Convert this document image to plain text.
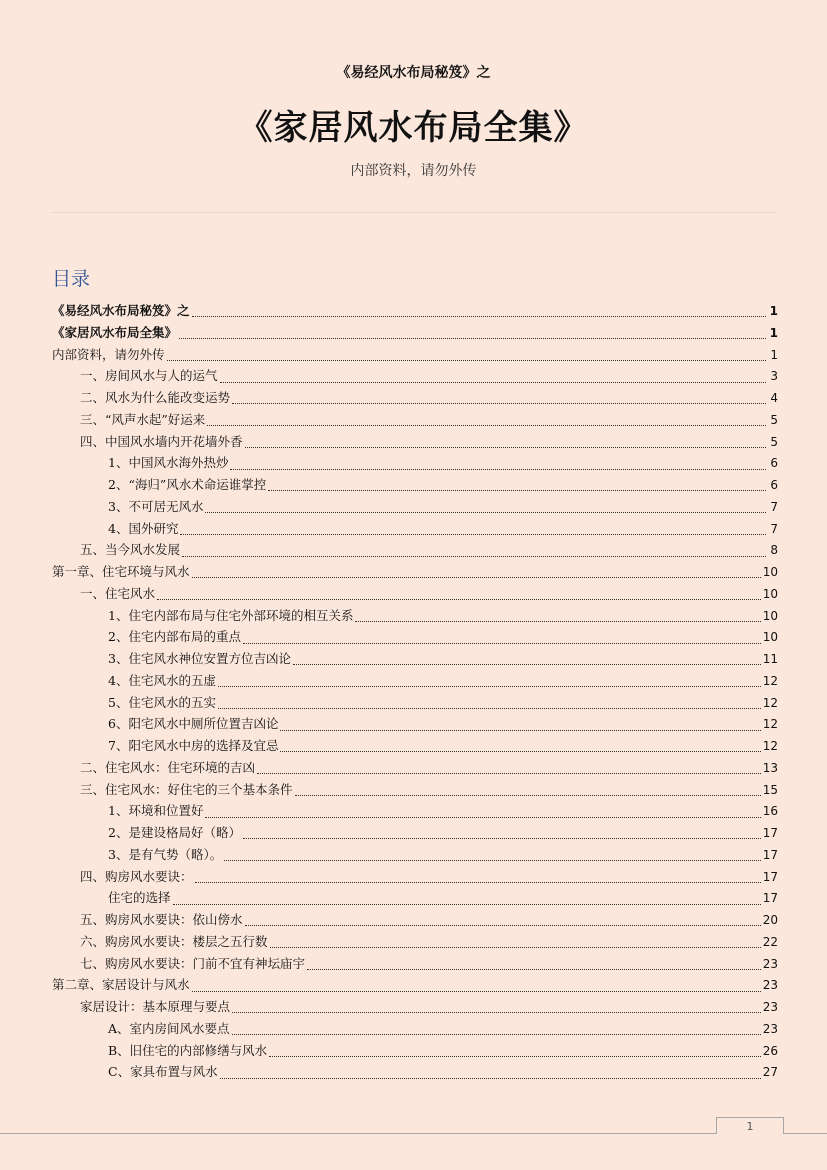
《易经风水布局秘笈》之
《家居风水布局全集》
内部资料，请勿外传
目录
《易经风水布局秘笈》之	1
《家居风水布局全集》	1
内部资料，请勿外传	1
一、房间风水与人的运气	3
二、风水为什么能改变运势	4
三、“风声水起”好运来	5
四、中国风水墙内开花墙外香	5
1、中国风水海外热炒	6
2、“海归”风水术命运谁掌控	6
3、不可居无风水	7
4、国外研究	7
五、当今风水发展	8
第一章、住宅环境与风水	10
一、住宅风水	10
1、住宅内部布局与住宅外部环境的相互关系	10
2、住宅内部布局的重点	10
3、住宅风水神位安置方位吉凶论	11
4、住宅风水的五虚	12
5、住宅风水的五实	12
6、阳宅风水中厕所位置吉凶论	12
7、阳宅风水中房的选择及宜忌	12
二、住宅风水：住宅环境的吉凶	13
三、住宅风水：好住宅的三个基本条件	15
1、环境和位置好	16
2、是建设格局好（略）	17
3、是有气势（略）。	17
四、购房风水要诀：	17
住宅的选择	17
五、购房风水要诀：依山傍水	20
六、购房风水要诀：楼层之五行数	22
七、购房风水要诀：门前不宜有神坛庙宇	23
第二章、家居设计与风水	23
家居设计：基本原理与要点	23
A、室内房间风水要点	23
B、旧住宅的内部修缮与风水	26
C、家具布置与风水	27
1
